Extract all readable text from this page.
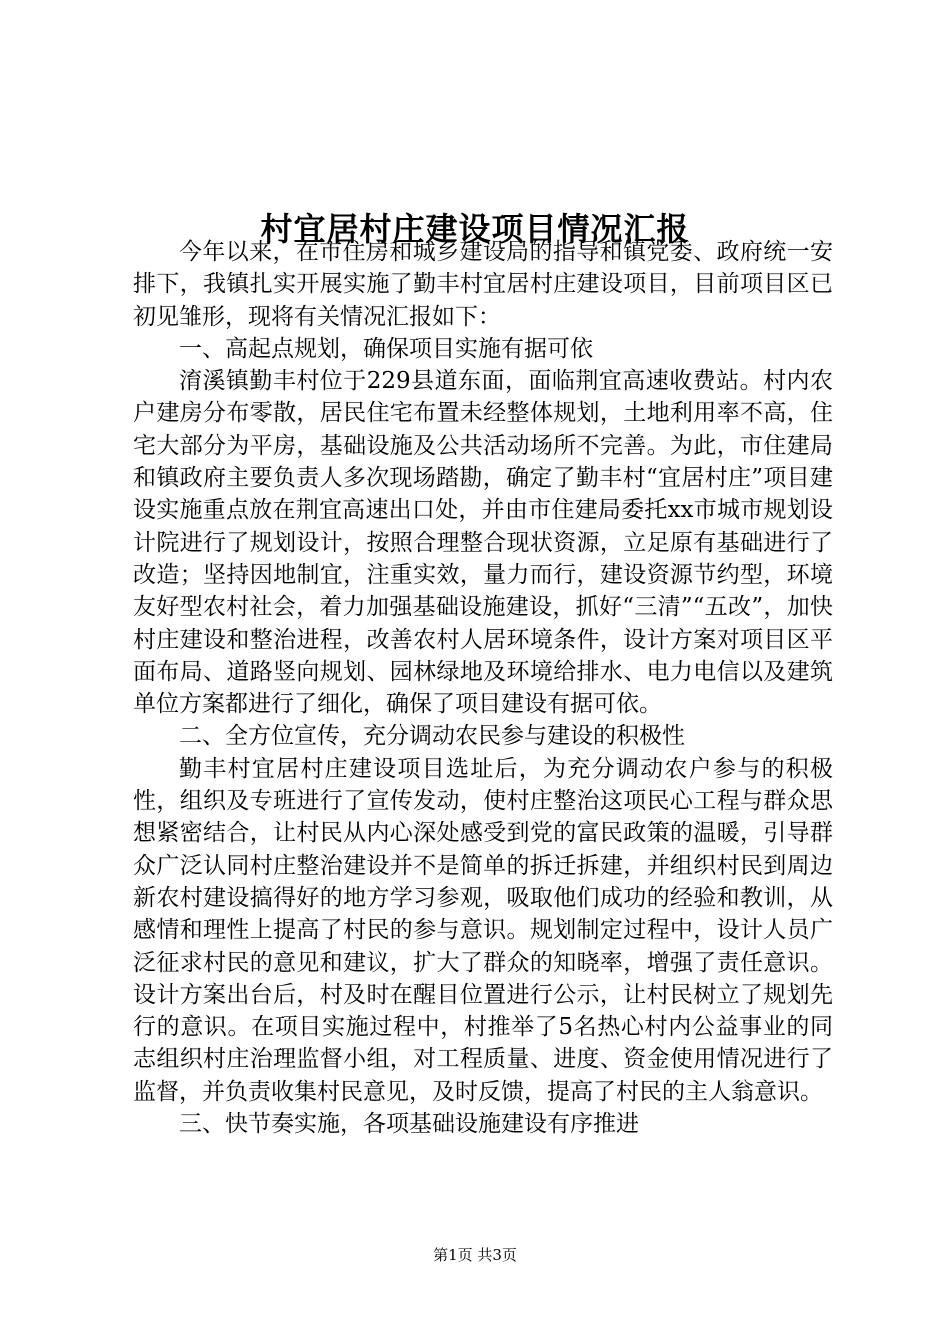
村宜居村庄建设项目情况汇报

今年以来，在市住房和城乡建设局的指导和镇党委、政府统一安排下，我镇扎实开展实施了勤丰村宜居村庄建设项目，目前项目区已初见雏形，现将有关情况汇报如下：

一、高起点规划，确保项目实施有据可依

淯溪镇勤丰村位于229县道东面，面临荆宜高速收费站。村内农户建房分布零散，居民住宅布置未经整体规划，土地利用率不高，住宅大部分为平房，基础设施及公共活动场所不完善。为此，市住建局和镇政府主要负责人多次现场踏勘，确定了勤丰村“宜居村庄”项目建设实施重点放在荆宜高速出口处，并由市住建局委托xx市城市规划设计院进行了规划设计，按照合理整合现状资源，立足原有基础进行了改造；坚持因地制宜，注重实效，量力而行，建设资源节约型，环境友好型农村社会，着力加强基础设施建设，抓好“三清”“五改”，加快村庄建设和整治进程，改善农村人居环境条件，设计方案对项目区平面布局、道路竖向规划、园林绿地及环境给排水、电力电信以及建筑单位方案都进行了细化，确保了项目建设有据可依。

二、全方位宣传，充分调动农民参与建设的积极性

勤丰村宜居村庄建设项目选址后，为充分调动农户参与的积极性，组织及专班进行了宣传发动，使村庄整治这项民心工程与群众思想紧密结合，让村民从内心深处感受到党的富民政策的温暖，引导群众广泛认同村庄整治建设并不是简单的拆迁拆建，并组织村民到周边新农村建设搞得好的地方学习参观，吸取他们成功的经验和教训，从感情和理性上提高了村民的参与意识。规划制定过程中，设计人员广泛征求村民的意见和建议，扩大了群众的知晓率，增强了责任意识。设计方案出台后，村及时在醒目位置进行公示，让村民树立了规划先行的意识。在项目实施过程中，村推举了5名热心村内公益事业的同志组织村庄治理监督小组，对工程质量、进度、资金使用情况进行了监督，并负责收集村民意见，及时反馈，提高了村民的主人翁意识。

三、快节奏实施，各项基础设施建设有序推进

第1页 共3页
